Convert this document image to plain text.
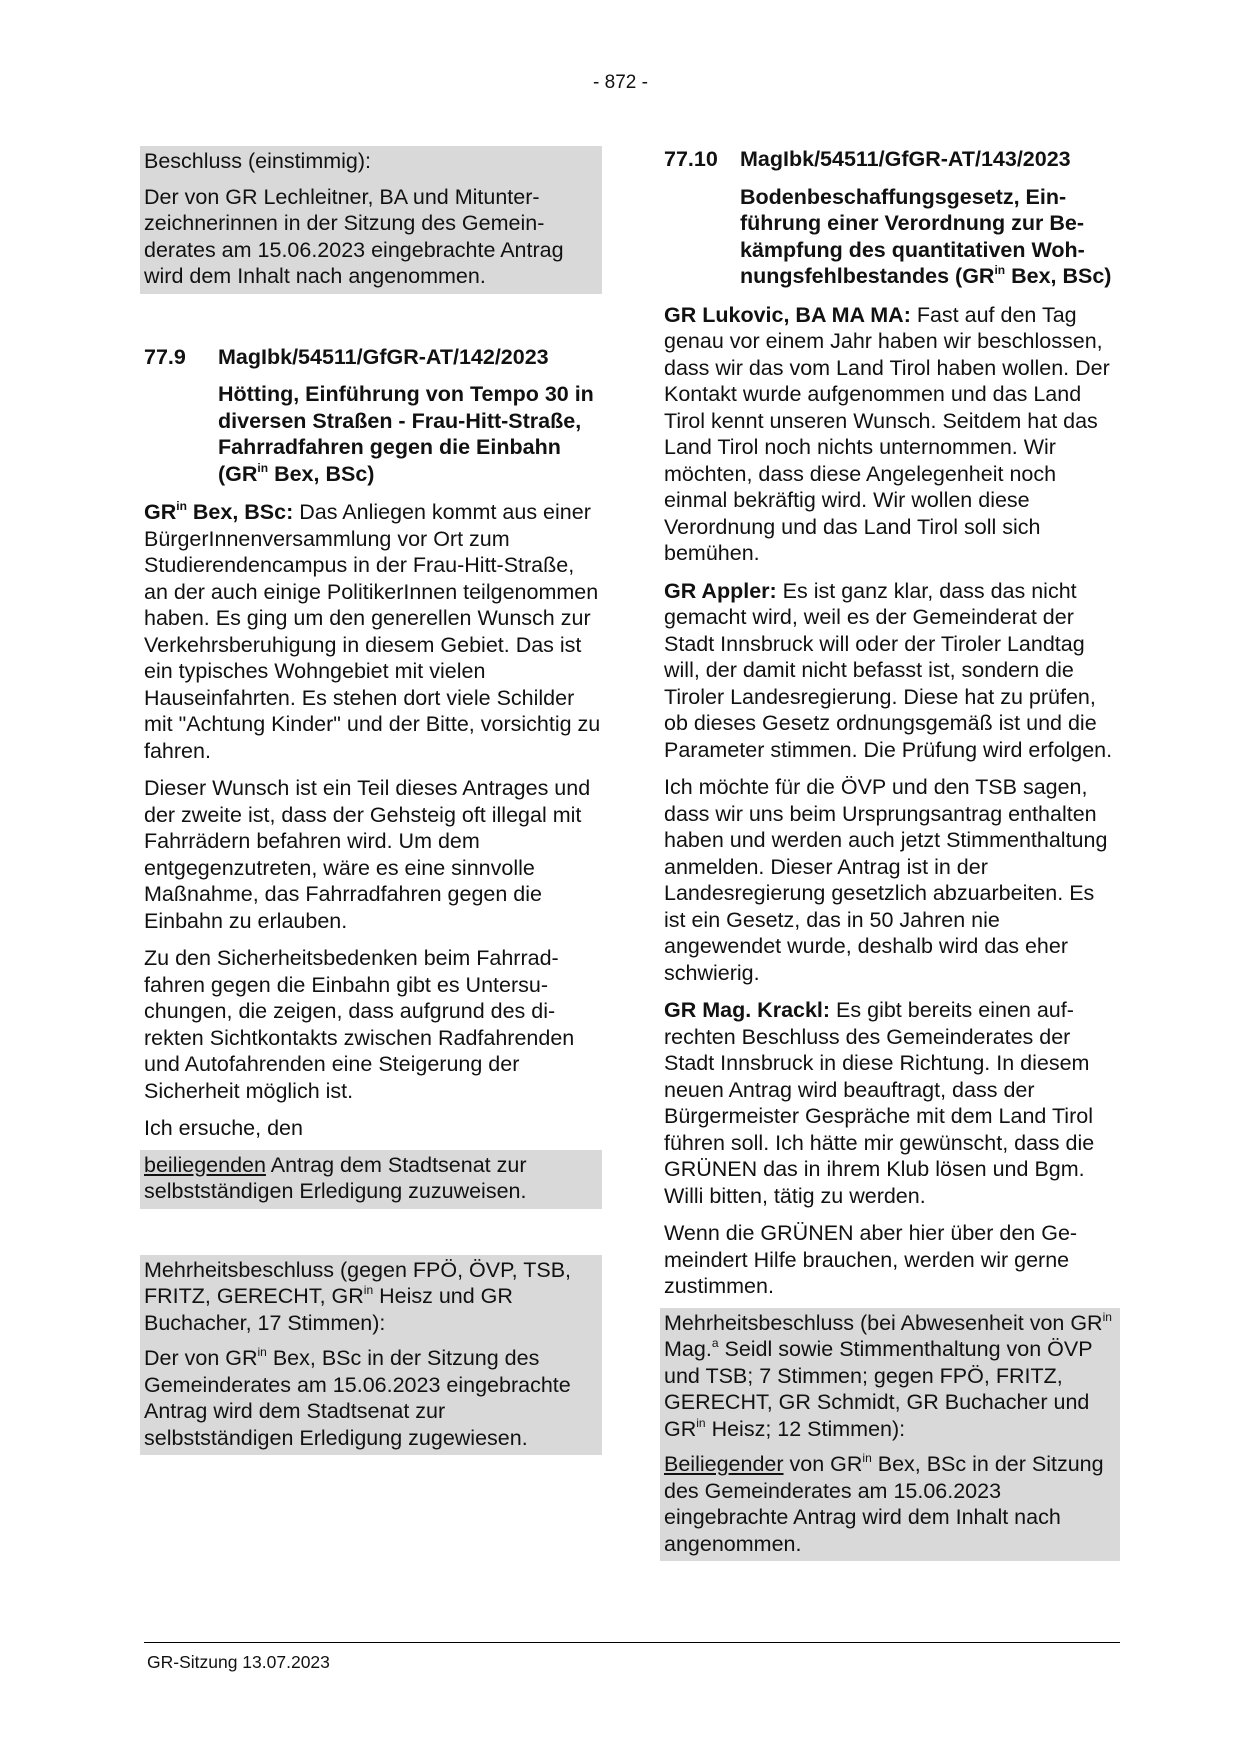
- 872 -

Beschluss (einstimmig):

Der von GR Lechleitner, BA und Mitunterzeichnerinnen in der Sitzung des Gemeinderates am 15.06.2023 eingebrachte Antrag wird dem Inhalt nach angenommen.

77.9	MagIbk/54511/GfGR-AT/142/2023

Hötting, Einführung von Tempo 30 in diversen Straßen - Frau-Hitt-Straße, Fahrradfahren gegen die Einbahn ($GR^{in}$ Bex, BSc)

$GR^{in}$ Bex, BSc: Das Anliegen kommt aus einer BürgerInnenversammlung vor Ort zum Studierendencampus in der Frau-Hitt-Straße, an der auch einige PolitikerInnen teilgenommen haben. Es ging um den generellen Wunsch zur Verkehrsberuhigung in diesem Gebiet. Das ist ein typisches Wohngebiet mit vielen Hauseinfahrten. Es stehen dort viele Schilder mit "Achtung Kinder" und der Bitte, vorsichtig zu fahren.

Dieser Wunsch ist ein Teil dieses Antrages und der zweite ist, dass der Gehsteig oft illegal mit Fahrrädern befahren wird. Um dem entgegenzutreten, wäre es eine sinnvolle Maßnahme, das Fahrradfahren gegen die Einbahn zu erlauben.

Zu den Sicherheitsbedenken beim Fahrradfahren gegen die Einbahn gibt es Untersuchungen, die zeigen, dass aufgrund des direkten Sichtkontakts zwischen Radfahrenden und Autofahrenden eine Steigerung der Sicherheit möglich ist.

Ich ersuche, den

beiliegenden Antrag dem Stadtsenat zur selbstständigen Erledigung zuzuweisen.

Mehrheitsbeschluss (gegen FPÖ, ÖVP, TSB, FRITZ, GERECHT, $GR^{in}$ Heisz und GR Buchacher, 17 Stimmen):

Der von $GR^{in}$ Bex, BSc in der Sitzung des Gemeinderates am 15.06.2023 eingebrachte Antrag wird dem Stadtsenat zur selbstständigen Erledigung zugewiesen.

77.10	MagIbk/54511/GfGR-AT/143/2023

Bodenbeschaffungsgesetz, Einführung einer Verordnung zur Bekämpfung des quantitativen Wohnungsfehlbestandes ($GR^{in}$ Bex, BSc)

GR Lukovic, BA MA MA: Fast auf den Tag genau vor einem Jahr haben wir beschlossen, dass wir das vom Land Tirol haben wollen. Der Kontakt wurde aufgenommen und das Land Tirol kennt unseren Wunsch. Seitdem hat das Land Tirol noch nichts unternommen. Wir möchten, dass diese Angelegenheit noch einmal bekräftig wird. Wir wollen diese Verordnung und das Land Tirol soll sich bemühen.

GR Appler: Es ist ganz klar, dass das nicht gemacht wird, weil es der Gemeinderat der Stadt Innsbruck will oder der Tiroler Landtag will, der damit nicht befasst ist, sondern die Tiroler Landesregierung. Diese hat zu prüfen, ob dieses Gesetz ordnungsgemäß ist und die Parameter stimmen. Die Prüfung wird erfolgen.

Ich möchte für die ÖVP und den TSB sagen, dass wir uns beim Ursprungsantrag enthalten haben und werden auch jetzt Stimmenthaltung anmelden. Dieser Antrag ist in der Landesregierung gesetzlich abzuarbeiten. Es ist ein Gesetz, das in 50 Jahren nie angewendet wurde, deshalb wird das eher schwierig.

GR Mag. Krackl: Es gibt bereits einen aufrechten Beschluss des Gemeinderates der Stadt Innsbruck in diese Richtung. In diesem neuen Antrag wird beauftragt, dass der Bürgermeister Gespräche mit dem Land Tirol führen soll. Ich hätte mir gewünscht, dass die GRÜNEN das in ihrem Klub lösen und Bgm. Willi bitten, tätig zu werden.

Wenn die GRÜNEN aber hier über den Gemeindert Hilfe brauchen, werden wir gerne zustimmen.

Mehrheitsbeschluss (bei Abwesenheit von $GR^{in}$ Mag.$^a$ Seidl sowie Stimmenthaltung von ÖVP und TSB; 7 Stimmen; gegen FPÖ, FRITZ, GERECHT, GR Schmidt, GR Buchacher und $GR^{in}$ Heisz; 12 Stimmen):

Beiliegender von $GR^{in}$ Bex, BSc in der Sitzung des Gemeinderates am 15.06.2023 eingebrachte Antrag wird dem Inhalt nach angenommen.

GR-Sitzung 13.07.2023
